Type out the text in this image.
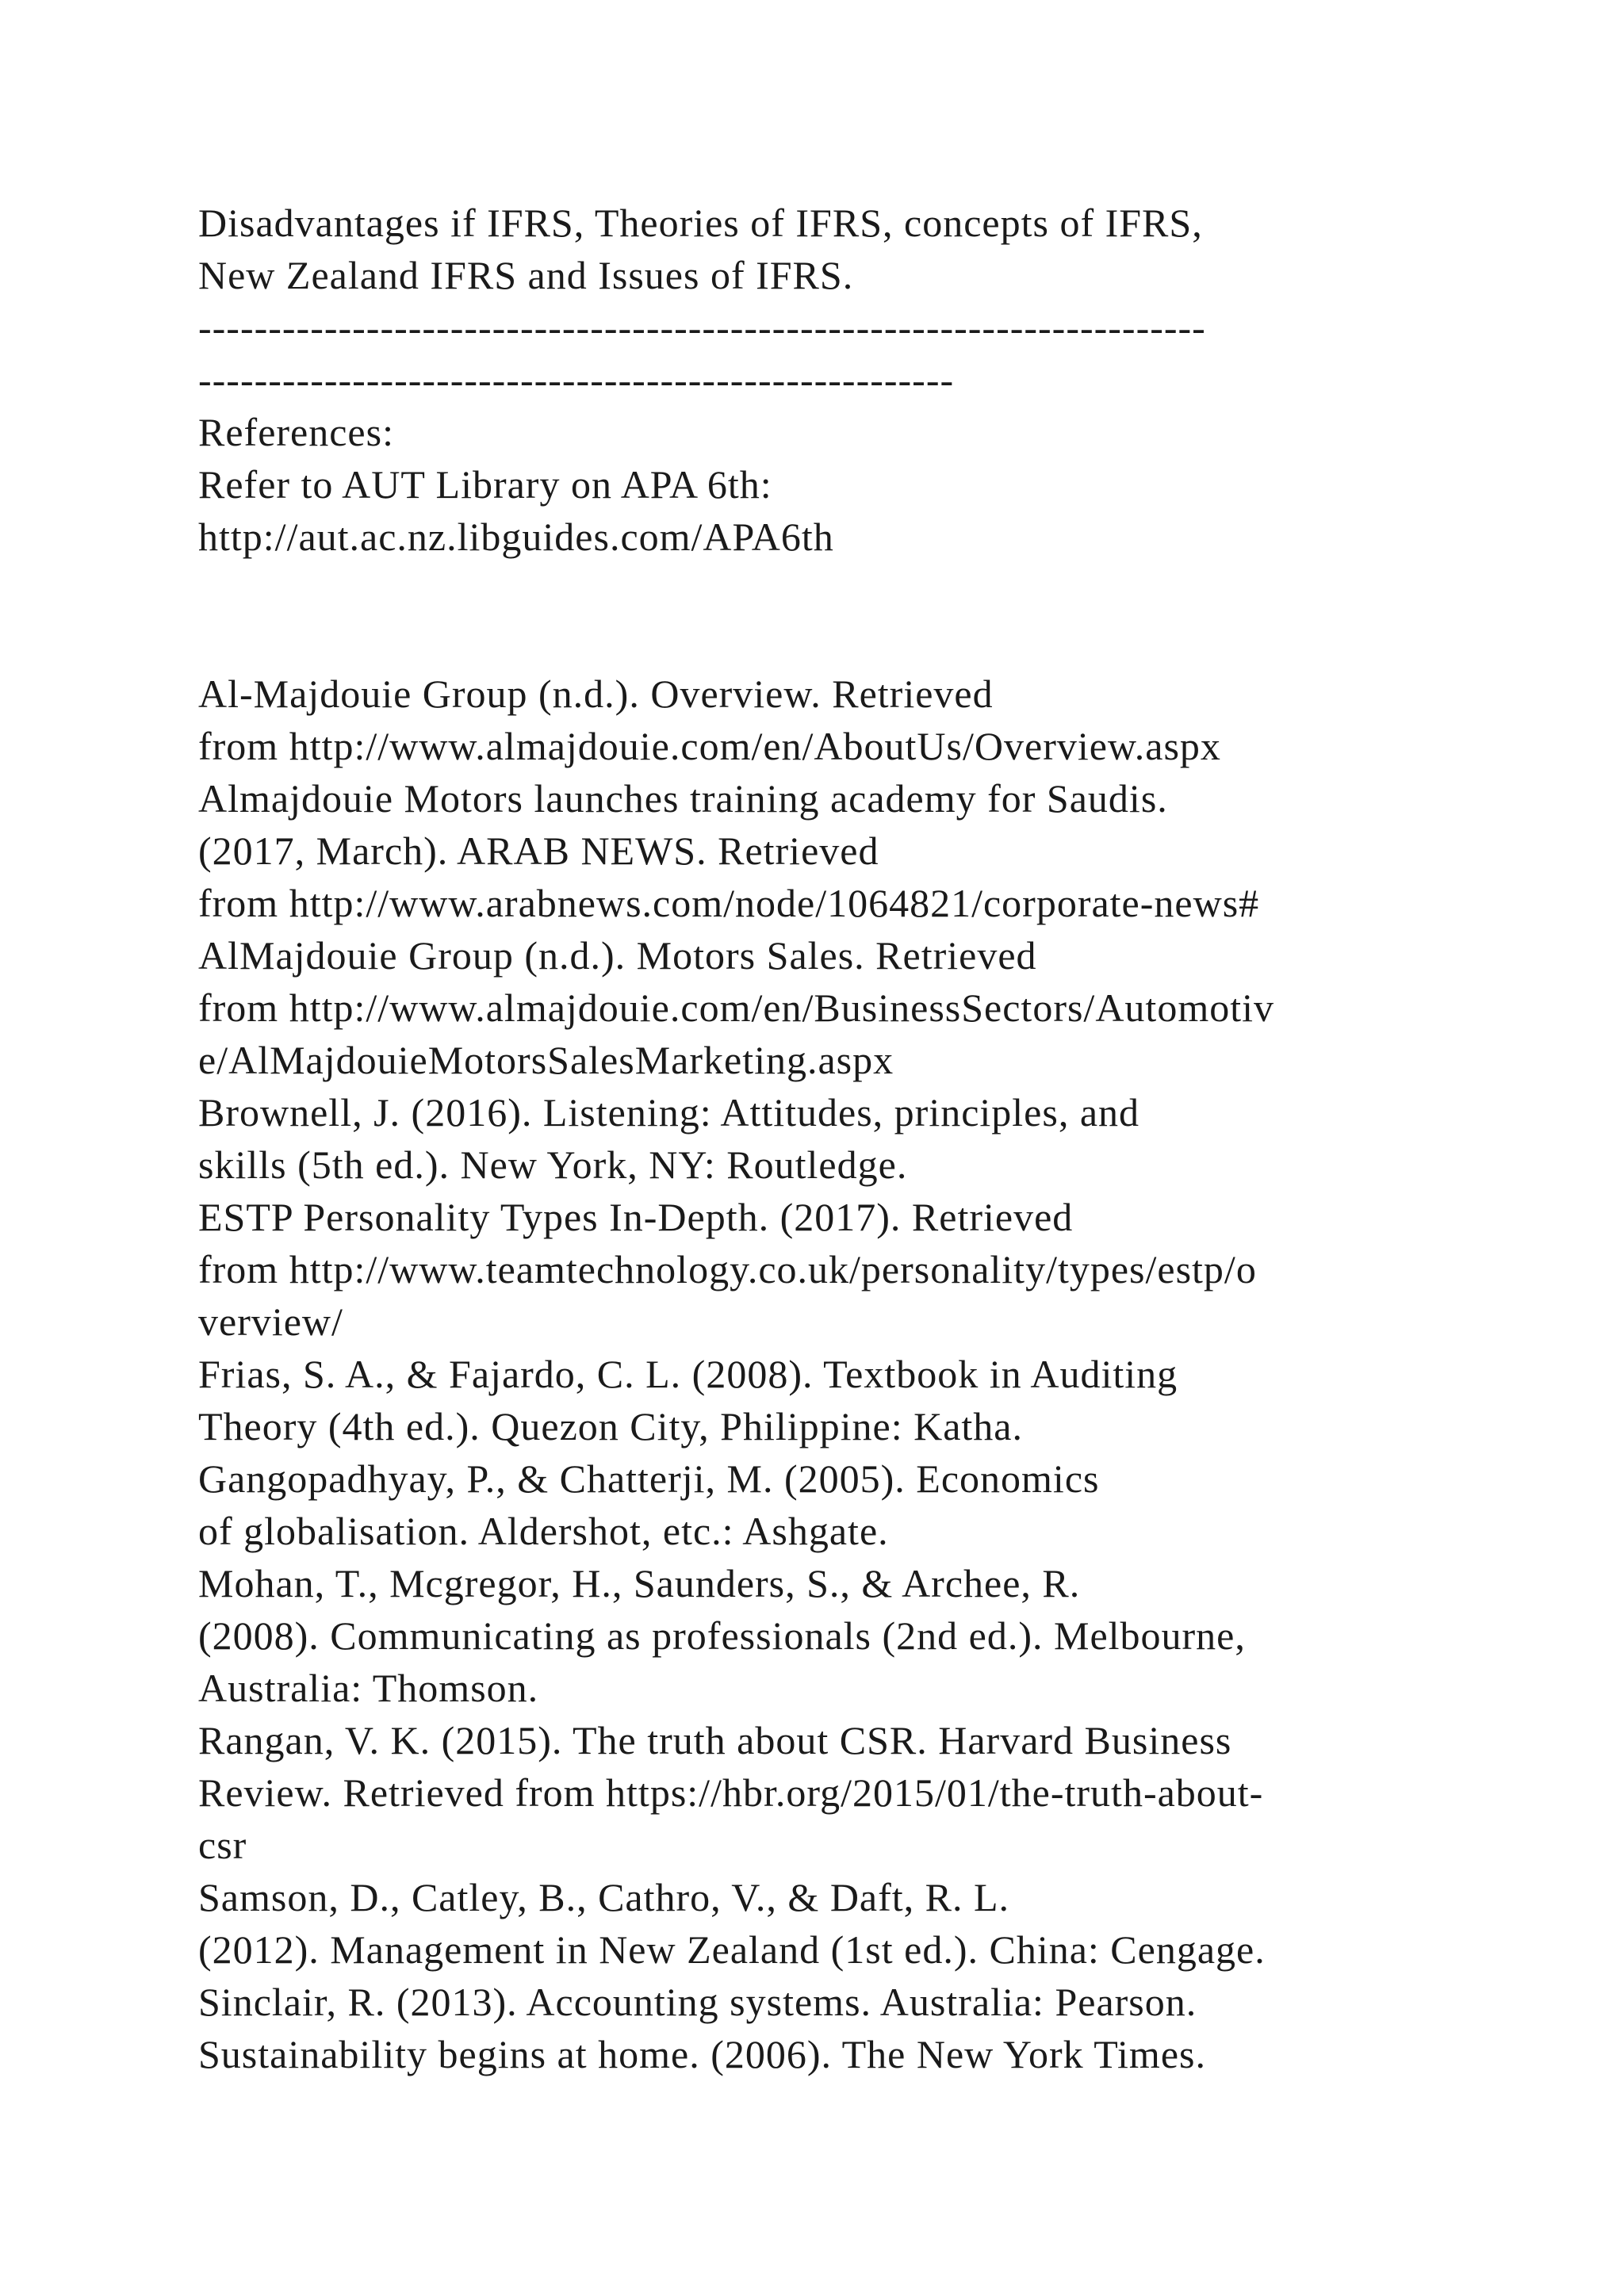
Disadvantages if IFRS, Theories of IFRS, concepts of IFRS,
New Zealand IFRS and Issues of IFRS.
------------------------------------------------------------------------
------------------------------------------------------
References:
Refer to AUT Library on APA 6th:
http://aut.ac.nz.libguides.com/APA6th
Al-Majdouie Group (n.d.). Overview. Retrieved
from http://www.almajdouie.com/en/AboutUs/Overview.aspx
Almajdouie Motors launches training academy for Saudis.
(2017, March). ARAB NEWS. Retrieved
from http://www.arabnews.com/node/1064821/corporate-news#
AlMajdouie Group (n.d.). Motors Sales. Retrieved
from http://www.almajdouie.com/en/BusinessSectors/Automotiv
e/AlMajdouieMotorsSalesMarketing.aspx
Brownell, J. (2016). Listening: Attitudes, principles, and
skills (5th ed.). New York, NY: Routledge.
ESTP Personality Types In-Depth. (2017). Retrieved
from http://www.teamtechnology.co.uk/personality/types/estp/o
verview/
Frias, S. A., & Fajardo, C. L. (2008). Textbook in Auditing
Theory (4th ed.). Quezon City, Philippine: Katha.
Gangopadhyay, P., & Chatterji, M. (2005). Economics
of globalisation. Aldershot, etc.: Ashgate.
Mohan, T., Mcgregor, H., Saunders, S., & Archee, R.
(2008). Communicating as professionals (2nd ed.). Melbourne,
Australia: Thomson.
Rangan, V. K. (2015). The truth about CSR. Harvard Business
Review. Retrieved from https://hbr.org/2015/01/the-truth-about-
csr
Samson, D., Catley, B., Cathro, V., & Daft, R. L.
(2012). Management in New Zealand (1st ed.). China: Cengage.
Sinclair, R. (2013). Accounting systems. Australia: Pearson.
Sustainability begins at home. (2006). The New York Times.
